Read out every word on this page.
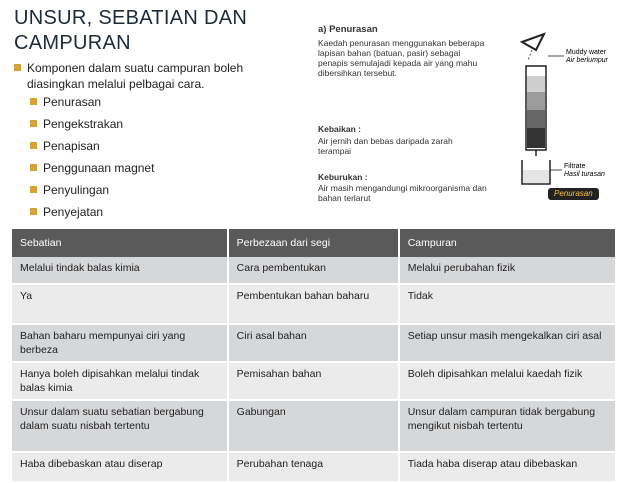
UNSUR, SEBATIAN DAN CAMPURAN
Komponen dalam suatu campuran boleh diasingkan melalui pelbagai cara.
Penurasan
Pengekstrakan
Penapisan
Penggunaan magnet
Penyulingan
Penyejatan
a) Penurasan
Kaedah penurasan menggunakan beberapa lapisan bahan (batuan, pasir) sebagai penapis semulajadi kepada air yang mahu dibersihkan tersebut.
Kebaikan :
Air jernih dan bebas daripada zarah terampai
Keburukan :
Air masih mengandungi mikroorganisma dan bahan terlarut
Muddy water
Air berlumpur
Filtrate
Hasil turasan
Penurasan
Sebatian	Perbezaan dari segi	Campuran
Melalui tindak balas kimia	Cara pembentukan	Melalui perubahan fizik
Ya	Pembentukan bahan baharu	Tidak
Bahan baharu mempunyai ciri yang berbeza	Ciri asal bahan	Setiap unsur masih mengekalkan ciri asal
Hanya boleh dipisahkan melalui tindak balas kimia	Pemisahan bahan	Boleh dipisahkan melalui kaedah fizik
Unsur dalam suatu sebatian bergabung dalam suatu nisbah tertentu	Gabungan	Unsur dalam campuran tidak bergabung mengikut nisbah tertentu
Haba dibebaskan atau diserap	Perubahan tenaga	Tiada haba diserap atau dibebaskan
